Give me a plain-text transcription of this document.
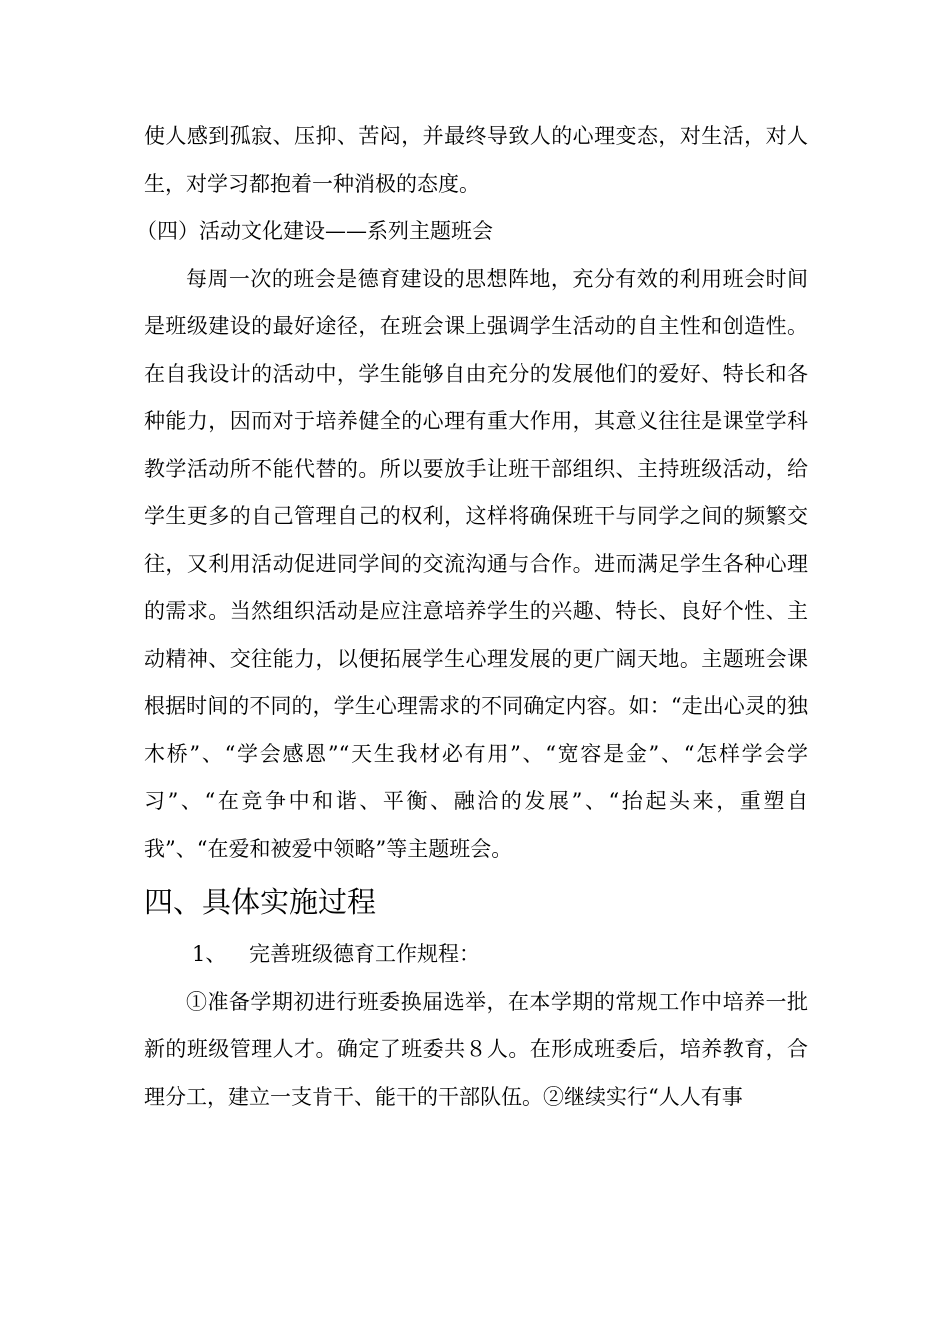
使人感到孤寂、压抑、苦闷，并最终导致人的心理变态，对生活，对人生，对学习都抱着一种消极的态度。

（四）活动文化建设——系列主题班会

每周一次的班会是德育建设的思想阵地，充分有效的利用班会时间是班级建设的最好途径，在班会课上强调学生活动的自主性和创造性。在自我设计的活动中，学生能够自由充分的发展他们的爱好、特长和各种能力，因而对于培养健全的心理有重大作用，其意义往往是课堂学科教学活动所不能代替的。所以要放手让班干部组织、主持班级活动，给学生更多的自己管理自己的权利，这样将确保班干与同学之间的频繁交往，又利用活动促进同学间的交流沟通与合作。进而满足学生各种心理的需求。当然组织活动是应注意培养学生的兴趣、特长、良好个性、主动精神、交往能力，以便拓展学生心理发展的更广阔天地。主题班会课根据时间的不同的，学生心理需求的不同确定内容。如：“走出心灵的独木桥”、“学会感恩”“天生我材必有用”、“宽容是金”、“怎样学会学习”、“在竞争中和谐、平衡、融洽的发展”、“抬起头来，重塑自我”、“在爱和被爱中领略”等主题班会。

四、具体实施过程

1、 完善班级德育工作规程：

①准备学期初进行班委换届选举，在本学期的常规工作中培养一批新的班级管理人才。确定了班委共８人。在形成班委后，培养教育，合理分工，建立一支肯干、能干的干部队伍。②继续实行“人人有事
